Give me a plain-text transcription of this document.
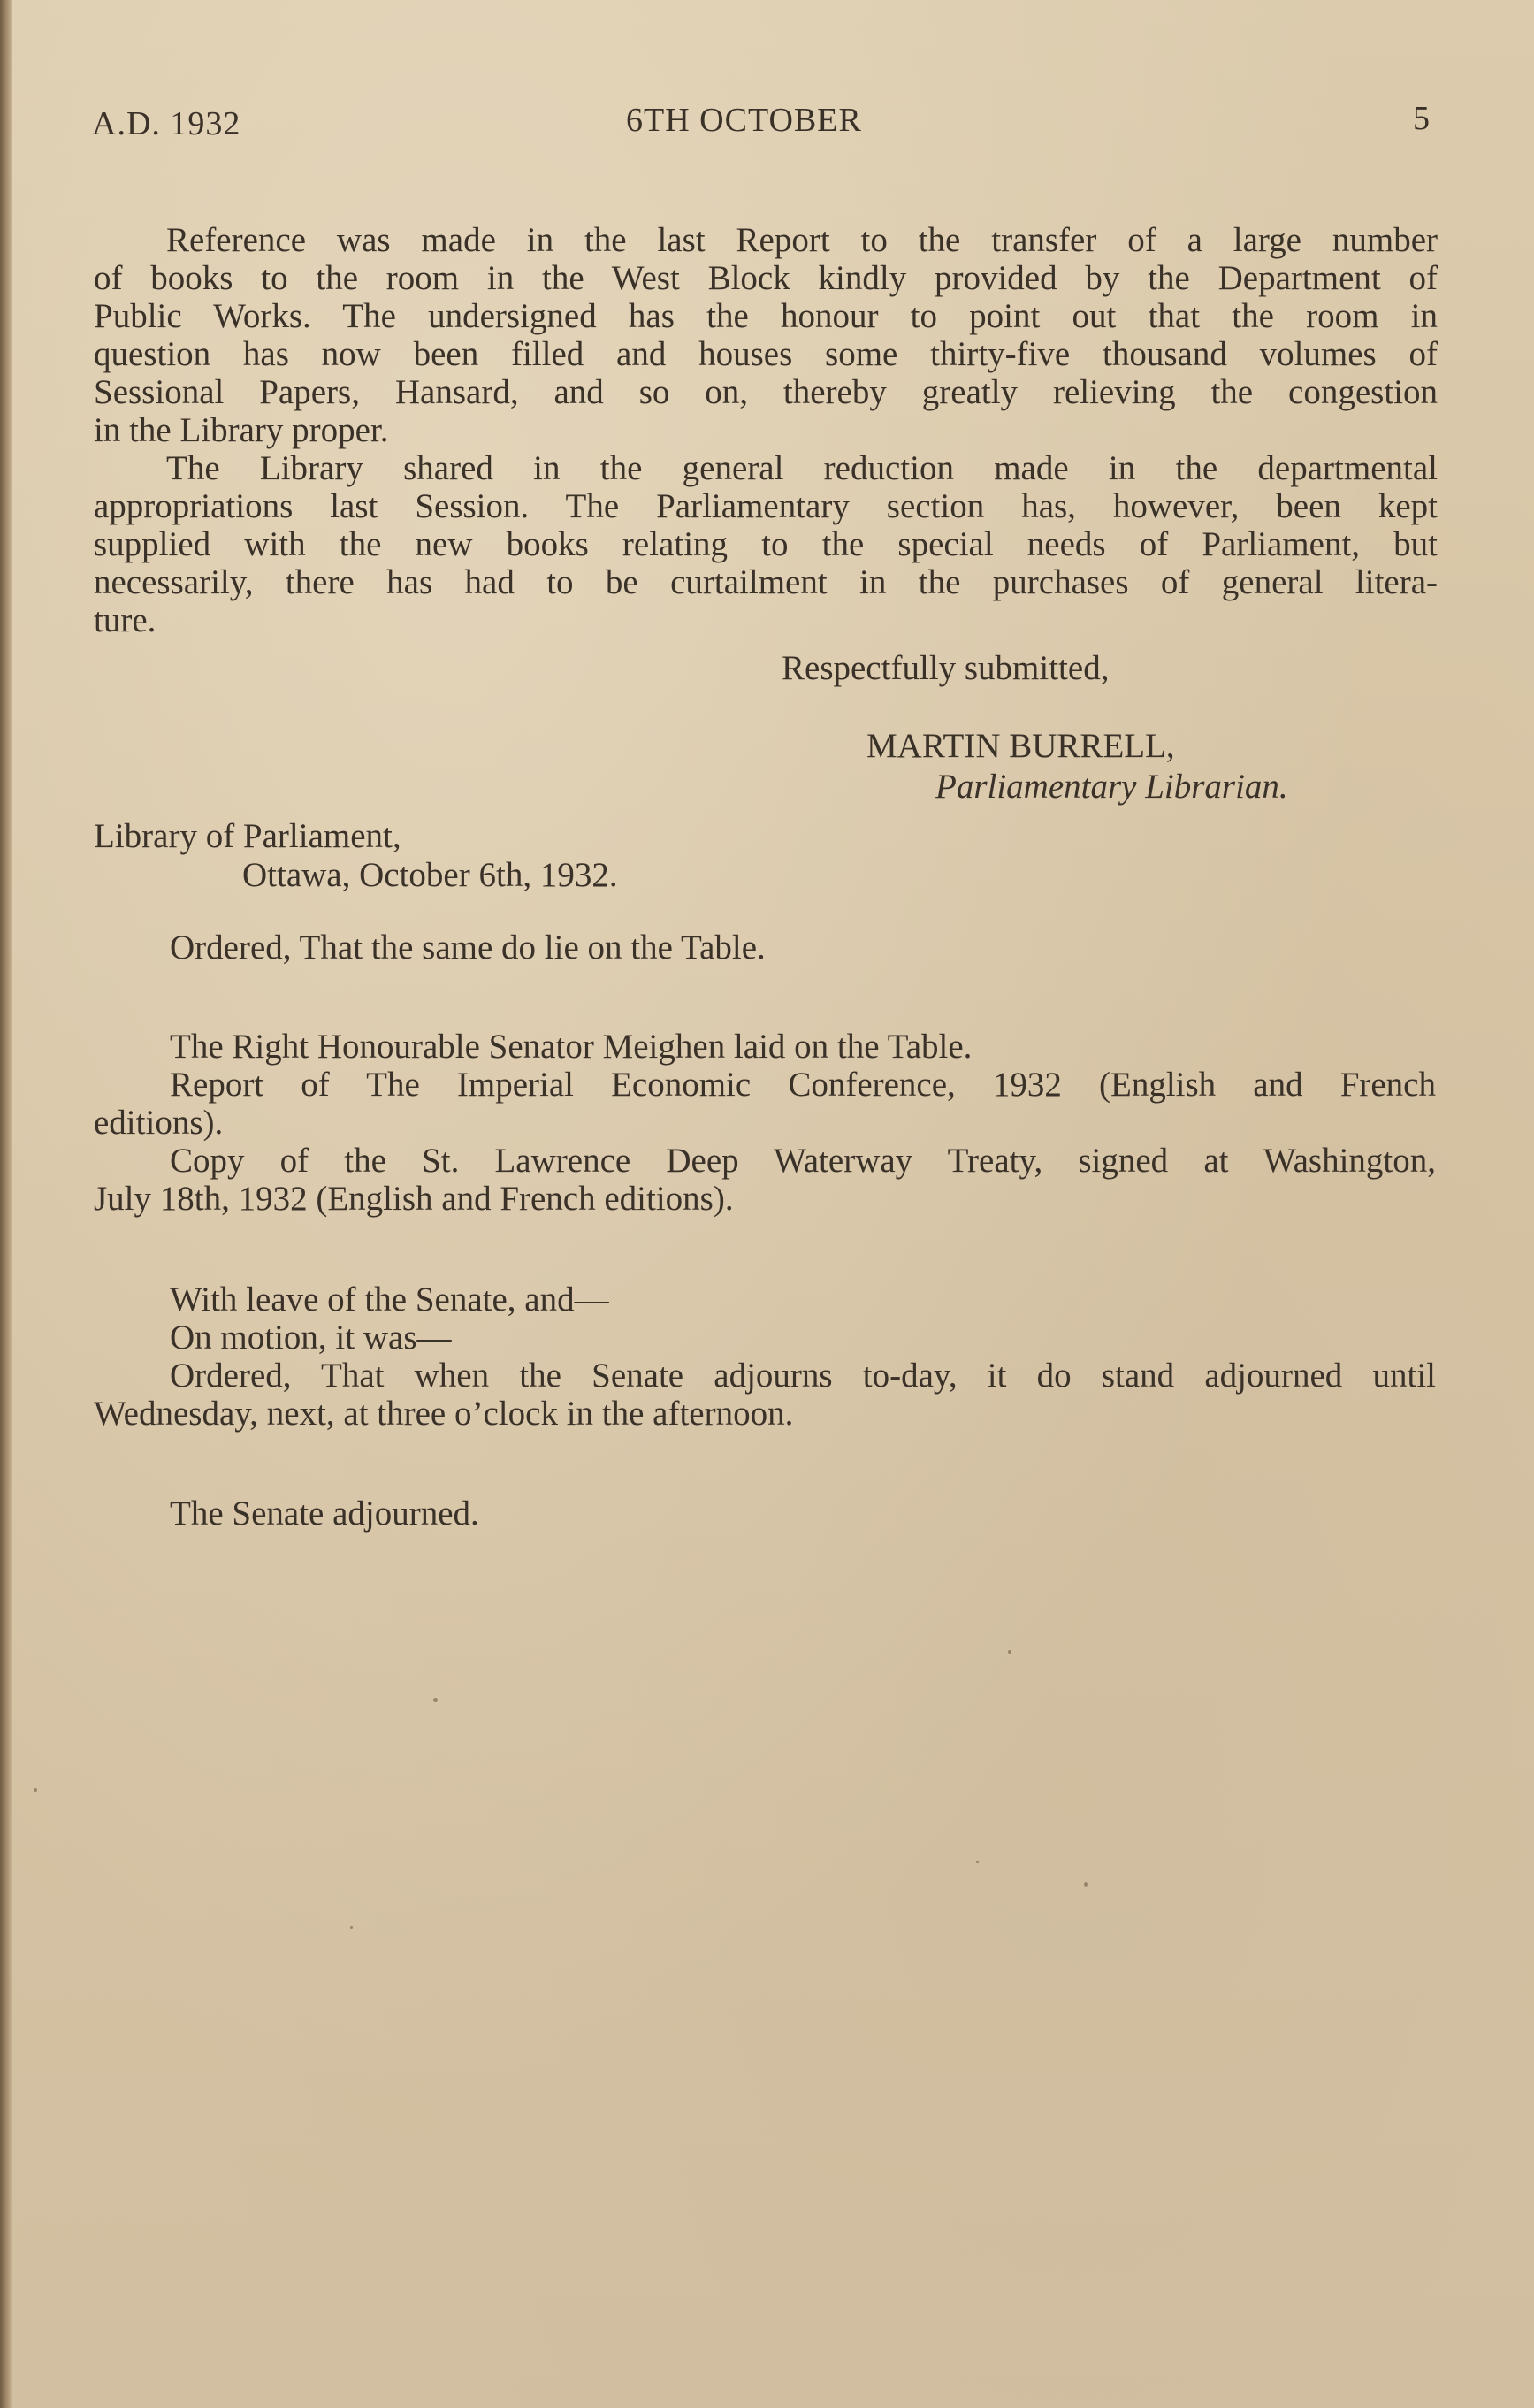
A.D. 1932	6TH OCTOBER	5

Reference was made in the last Report to the transfer of a large number

of books to the room in the West Block kindly provided by the Department of

Public Works. The undersigned has the honour to point out that the room in

question has now been filled and houses some thirty-five thousand volumes of

Sessional Papers, Hansard, and so on, thereby greatly relieving the congestion

in the Library proper.

The Library shared in the general reduction made in the departmental

appropriations last Session. The Parliamentary section has, however, been kept

supplied with the new books relating to the special needs of Parliament, but

necessarily, there has had to be curtailment in the purchases of general litera-

ture.

Respectfully submitted,

MARTIN BURRELL,

Parliamentary Librarian.

Library of Parliament,

Ottawa, October 6th, 1932.

Ordered, That the same do lie on the Table.

The Right Honourable Senator Meighen laid on the Table.

Report of The Imperial Economic Conference, 1932 (English and French

editions).

Copy of the St. Lawrence Deep Waterway Treaty, signed at Washington,

July 18th, 1932 (English and French editions).

With leave of the Senate, and—

On motion, it was—

Ordered, That when the Senate adjourns to-day, it do stand adjourned until

Wednesday, next, at three o’clock in the afternoon.

The Senate adjourned.
